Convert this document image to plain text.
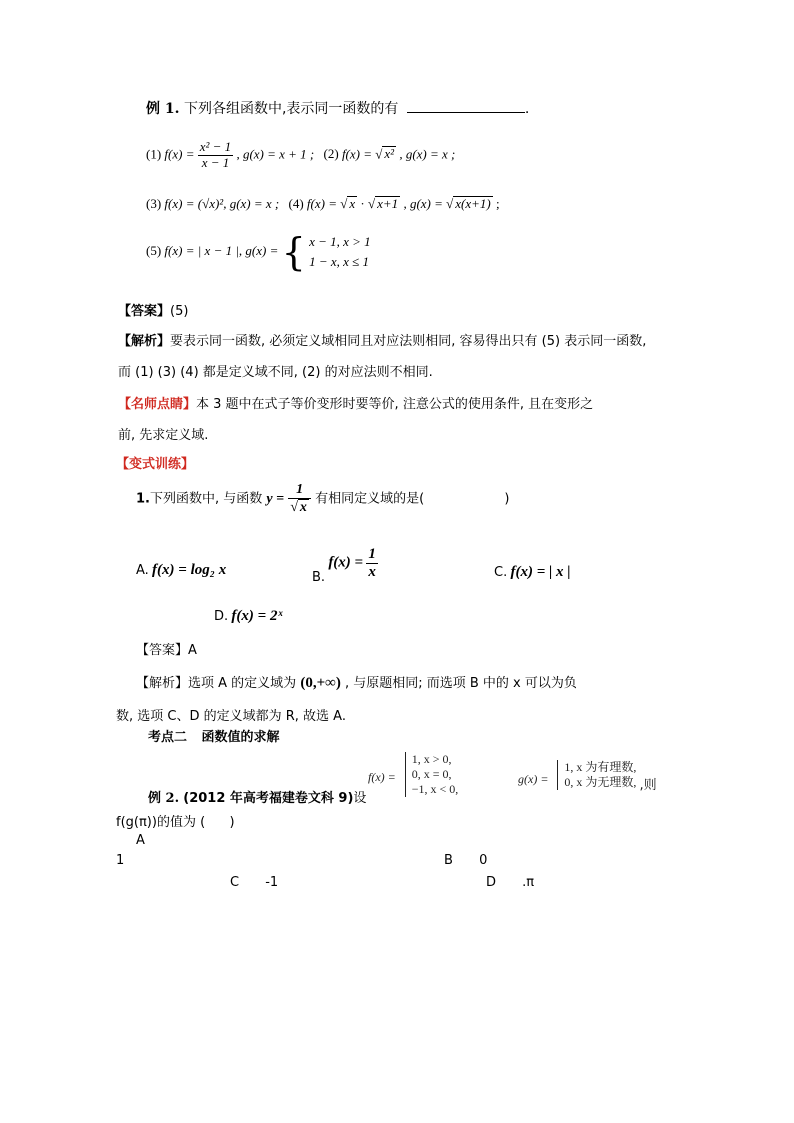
例 1. 下列各组函数中,表示同一函数的有	.
(1) $f(x) = \frac{\text{x² − 1}}{x - 1}$ , g(x) = x + 1 ; (2) f(x) = √ x² , g(x) = x ;
(3) f(x) = (√x)², g(x) = x ; (4) f(x) = √ x · √ x+1 , g(x) = √ x(x+1) ;
(5) f(x) = | x − 1 |, g(x) = { x − 1, x > 1
1 − x, x ≤ 1
【答案】(5)
【解析】要表示同一函数, 必须定义域相同且对应法则相同, 容易得出只有 (5) 表示同一函数,
而 (1) (3) (4) 都是定义域不同, (2) 的对应法则不相同.
【名师点睛】本 3 题中在式子等价变形时要等价, 注意公式的使用条件, 且在变形之
前, 先求定义域.
【变式训练】
1.下列函数中, 与函数 $y = \frac{1}{√ x}$ 有相同定义域的是(	)
A. f(x) = log₂ x	B. $f(x) = \frac{1}{x}$	C. f(x) = | x |
D. f(x) = 2ˣ
【答案】A
【解析】选项 A 的定义域为 (0,+∞) , 与原题相同; 而选项 B 中的 x 可以为负
数, 选项 C、D 的定义域都为 R, 故选 A.
考点二 函数值的求解
例 2. (2012 年高考福建卷文科 9)设
f(x) =
1, x > 0,
0, x = 0,
−1, x < 0,
g(x) =
1, x 为有理数,
0, x 为无理数, ,则
f(g(π))的值为 ( )
A
1	B 0
C -1	D .π
